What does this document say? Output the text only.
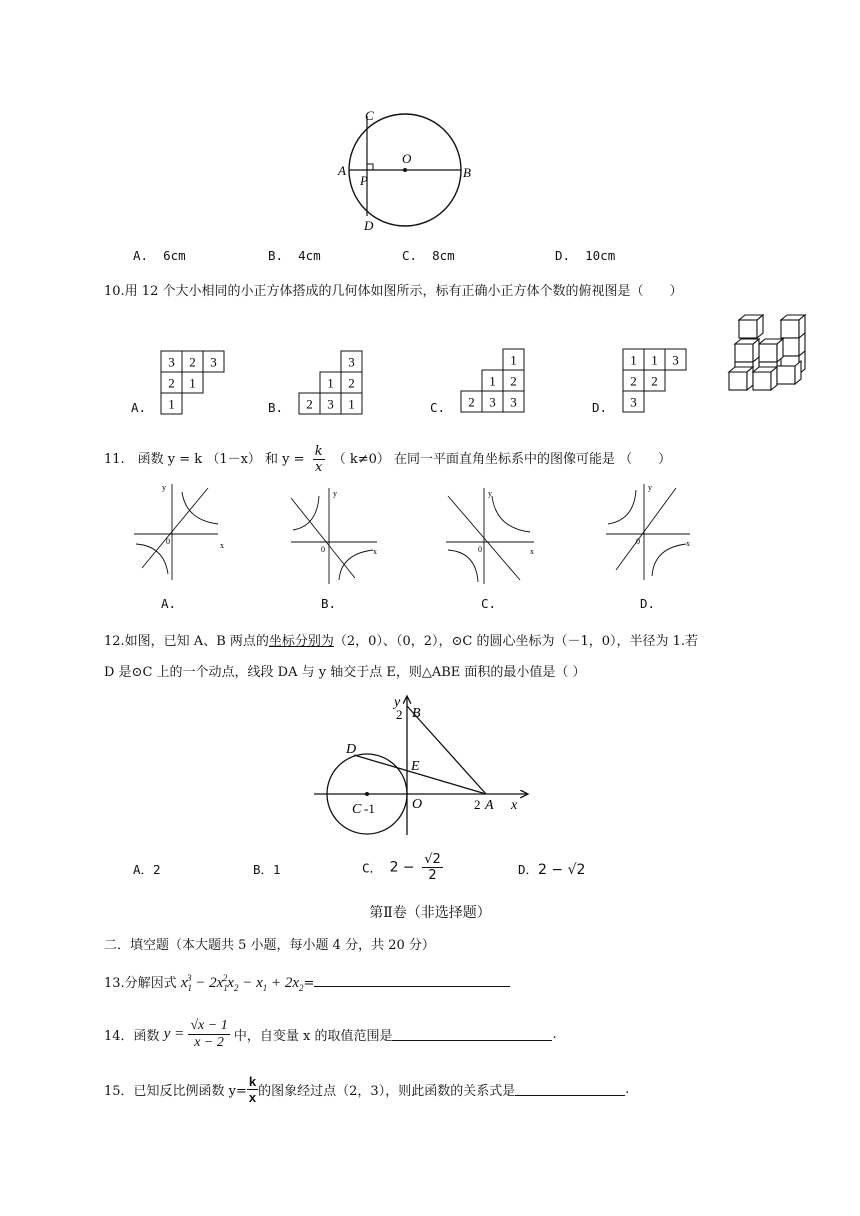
C
A
P
O
B
D
A. 6cm	B. 4cm	C. 8cm	D. 10cm
10.用 12 个大小相同的小正方体搭成的几何体如图所示，标有正确小正方体个数的俯视图是（　　）
A.
3 2 3
2 1
1	B.
3
1 2
2 3 1	C.
1
1 2
2 3 3	D.
1 1 3
2 2
3
11.　函数 y = k （1－x） 和 $y = \frac{k}{x}$ （ k≠0） 在同一平面直角坐标系中的图像可能是 （　　）
y
x
0
y
x
0
y
x
0
y
x
0
A.	B.	C.	D.
12.如图，已知 A、B 两点的坐标分别为（2，0）、（0，2），⊙C 的圆心坐标为（－1，0），半径为 1.若
D 是⊙C 上的一个动点，线段 DA 与 y 轴交于点 E，则△ABE 面积的最小值是（ ）
y
2 B
D
E
C -1	O	2 A x
A．2	B．1	C． $2 - \frac{√2}{2}$	D．2 − √2
第Ⅱ卷（非选择题）
二．填空题（本大题共 5 小题，每小题 4 分，共 20 分）
13.分解因式 $x_1^3 - 2x_1^2x_2 - x_1 + 2x_2=$
14．函数 $y = \frac{√x - 1}{x - 2}$ 中，自变量 x 的取值范围是	.
15．已知反比例函数 $y= \frac{k}{x}$ 的图象经过点（2，3），则此函数的关系式是	.
